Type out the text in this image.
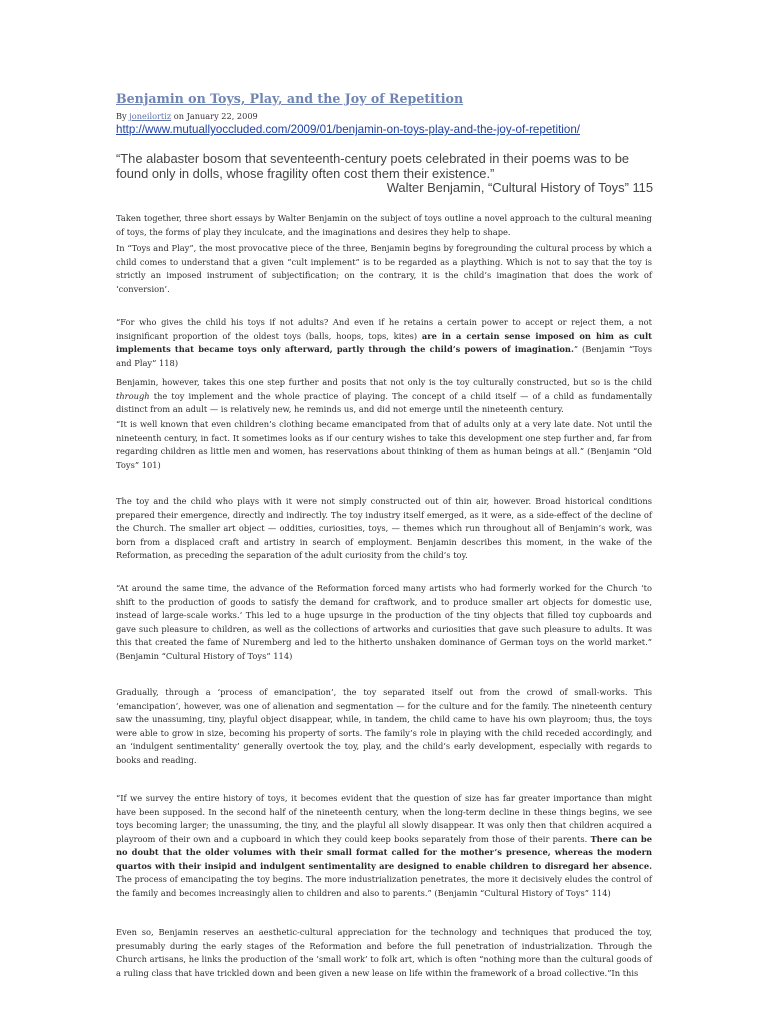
Benjamin on Toys, Play, and the Joy of Repetition
By joneilortiz on January 22, 2009
http://www.mutuallyoccluded.com/2009/01/benjamin-on-toys-play-and-the-joy-of-repetition/

“The alabaster bosom that seventeenth-century poets celebrated in their poems was to be found only in dolls, whose fragility often cost them their existence.”

Walter Benjamin, “Cultural History of Toys” 115

Taken together, three short essays by Walter Benjamin on the subject of toys outline a novel approach to the cultural meaning of toys, the forms of play they inculcate, and the imaginations and desires they help to shape.

In “Toys and Play”, the most provocative piece of the three, Benjamin begins by foregrounding the cultural process by which a child comes to understand that a given “cult implement” is to be regarded as a plaything. Which is not to say that the toy is strictly an imposed instrument of subjectification; on the contrary, it is the child’s imagination that does the work of ‘conversion’.

“For who gives the child his toys if not adults? And even if he retains a certain power to accept or reject them, a not insignificant proportion of the oldest toys (balls, hoops, tops, kites) are in a certain sense imposed on him as cult implements that became toys only afterward, partly through the child’s powers of imagination.” (Benjamin “Toys and Play” 118)

Benjamin, however, takes this one step further and posits that not only is the toy culturally constructed, but so is the child through the toy implement and the whole practice of playing. The concept of a child itself — of a child as fundamentally distinct from an adult — is relatively new, he reminds us, and did not emerge until the nineteenth century.

“It is well known that even children’s clothing became emancipated from that of adults only at a very late date. Not until the nineteenth century, in fact. It sometimes looks as if our century wishes to take this development one step further and, far from regarding children as little men and women, has reservations about thinking of them as human beings at all.” (Benjamin “Old Toys” 101)

The toy and the child who plays with it were not simply constructed out of thin air, however. Broad historical conditions prepared their emergence, directly and indirectly. The toy industry itself emerged, as it were, as a side-effect of the decline of the Church. The smaller art object — oddities, curiosities, toys, — themes which run throughout all of Benjamin’s work, was born from a displaced craft and artistry in search of employment. Benjamin describes this moment, in the wake of the Reformation, as preceding the separation of the adult curiosity from the child’s toy.

“At around the same time, the advance of the Reformation forced many artists who had formerly worked for the Church ‘to shift to the production of goods to satisfy the demand for craftwork, and to produce smaller art objects for domestic use, instead of large-scale works.’ This led to a huge upsurge in the production of the tiny objects that filled toy cupboards and gave such pleasure to children, as well as the collections of artworks and curiosities that gave such pleasure to adults. It was this that created the fame of Nuremberg and led to the hitherto unshaken dominance of German toys on the world market.” (Benjamin “Cultural History of Toys” 114)

Gradually, through a ‘process of emancipation’, the toy separated itself out from the crowd of small-works. This ‘emancipation’, however, was one of alienation and segmentation — for the culture and for the family. The nineteenth century saw the unassuming, tiny, playful object disappear, while, in tandem, the child came to have his own playroom; thus, the toys were able to grow in size, becoming his property of sorts. The family’s role in playing with the child receded accordingly, and an ‘indulgent sentimentality’ generally overtook the toy, play, and the child’s early development, especially with regards to books and reading.

“If we survey the entire history of toys, it becomes evident that the question of size has far greater importance than might have been supposed. In the second half of the nineteenth century, when the long-term decline in these things begins, we see toys becoming larger; the unassuming, the tiny, and the playful all slowly disappear. It was only then that children acquired a playroom of their own and a cupboard in which they could keep books separately from those of their parents. There can be no doubt that the older volumes with their small format called for the mother’s presence, whereas the modern quartos with their insipid and indulgent sentimentality are designed to enable children to disregard her absence. The process of emancipating the toy begins. The more industrialization penetrates, the more it decisively eludes the control of the family and becomes increasingly alien to children and also to parents.” (Benjamin “Cultural History of Toys” 114)

Even so, Benjamin reserves an aesthetic-cultural appreciation for the technology and techniques that produced the toy, presumably during the early stages of the Reformation and before the full penetration of industrialization. Through the Church artisans, he links the production of the ’small work’ to folk art, which is often “nothing more than the cultural goods of a ruling class that have trickled down and been given a new lease on life within the framework of a broad collective.”In this
